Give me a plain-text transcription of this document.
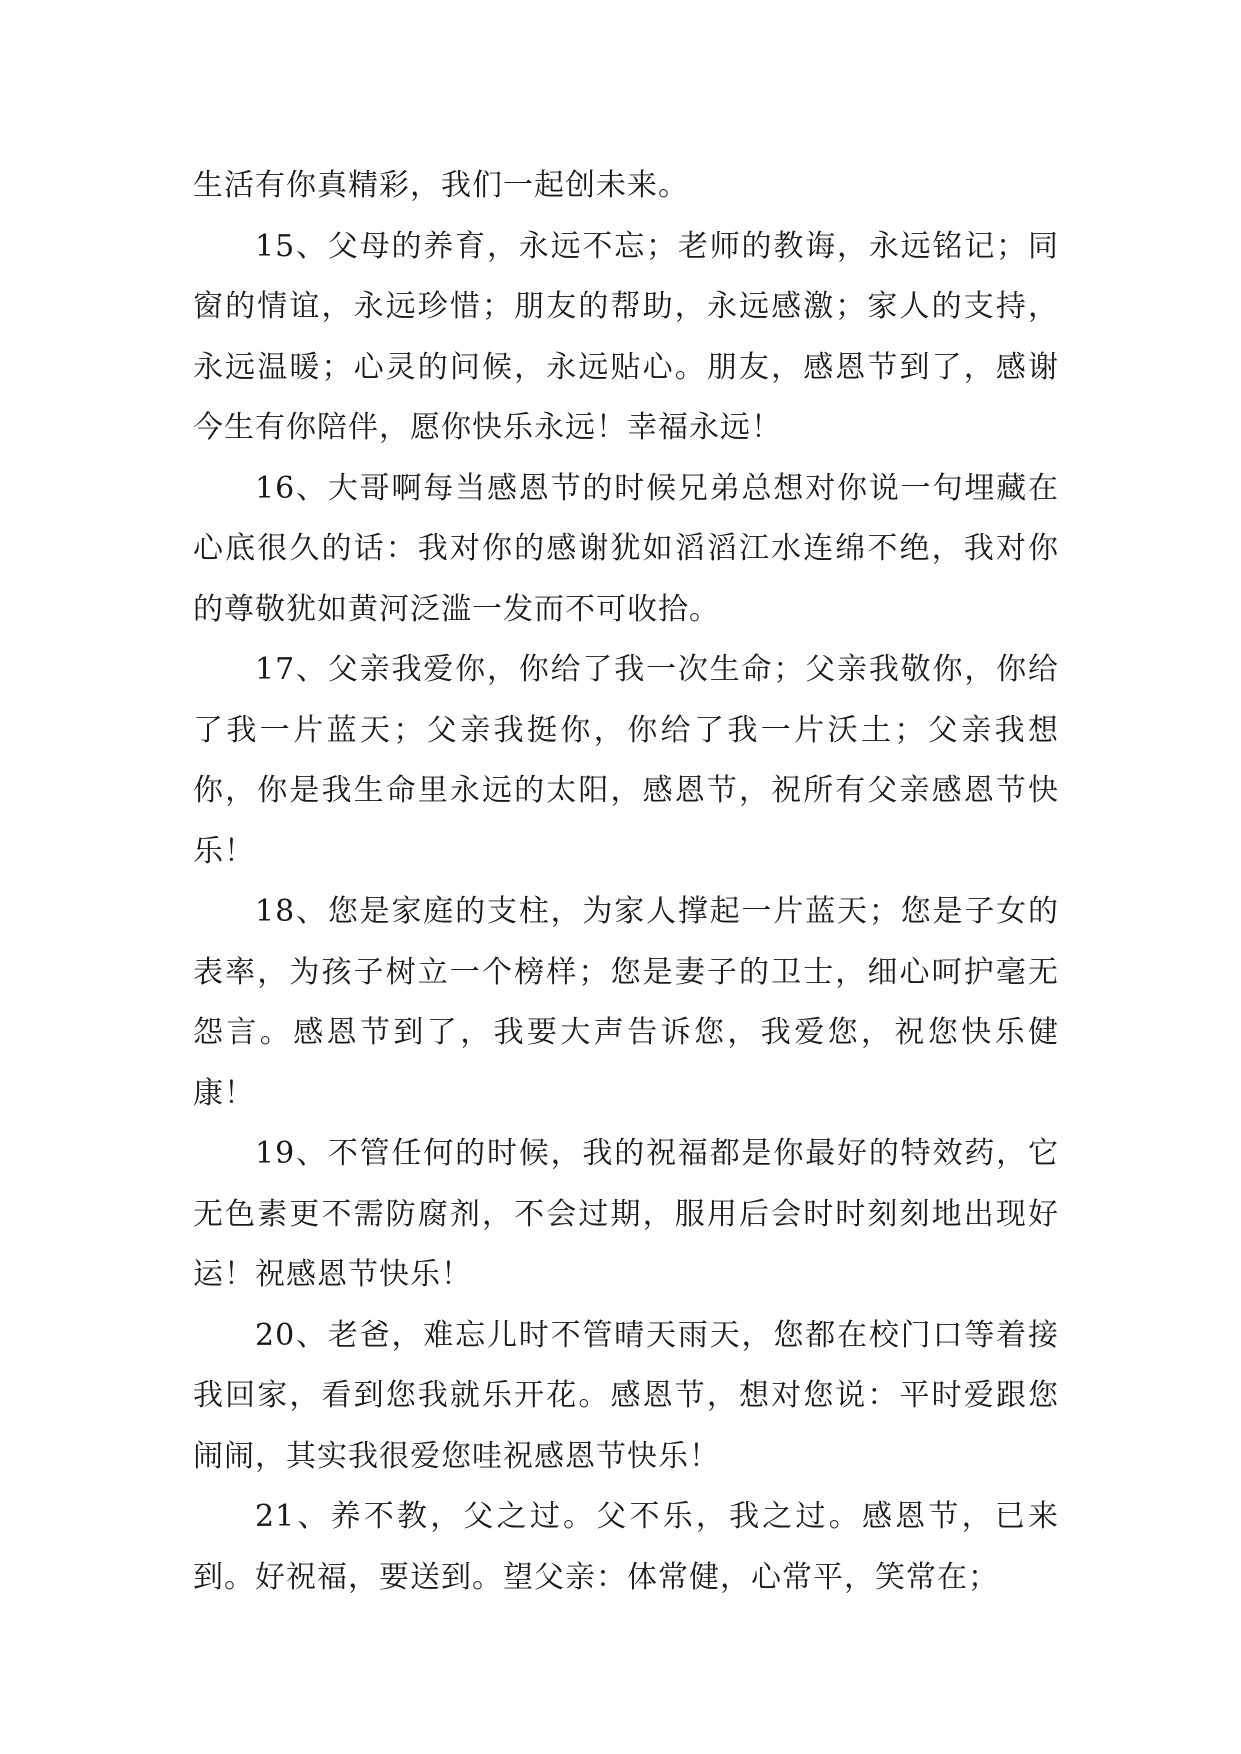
生活有你真精彩，我们一起创未来。

15、父母的养育，永远不忘；老师的教诲，永远铭记；同窗的情谊，永远珍惜；朋友的帮助，永远感激；家人的支持，永远温暖；心灵的问候，永远贴心。朋友，感恩节到了，感谢今生有你陪伴，愿你快乐永远！幸福永远！

16、大哥啊每当感恩节的时候兄弟总想对你说一句埋藏在心底很久的话：我对你的感谢犹如滔滔江水连绵不绝，我对你的尊敬犹如黄河泛滥一发而不可收拾。

17、父亲我爱你，你给了我一次生命；父亲我敬你，你给了我一片蓝天；父亲我挺你，你给了我一片沃土；父亲我想你，你是我生命里永远的太阳，感恩节，祝所有父亲感恩节快乐！

18、您是家庭的支柱，为家人撑起一片蓝天；您是子女的表率，为孩子树立一个榜样；您是妻子的卫士，细心呵护毫无怨言。感恩节到了，我要大声告诉您，我爱您，祝您快乐健康！

19、不管任何的时候，我的祝福都是你最好的特效药，它无色素更不需防腐剂，不会过期，服用后会时时刻刻地出现好运！祝感恩节快乐！

20、老爸，难忘儿时不管晴天雨天，您都在校门口等着接我回家，看到您我就乐开花。感恩节，想对您说：平时爱跟您闹闹，其实我很爱您哇祝感恩节快乐！

21、养不教，父之过。父不乐，我之过。感恩节，已来到。好祝福，要送到。望父亲：体常健，心常平，笑常在；
